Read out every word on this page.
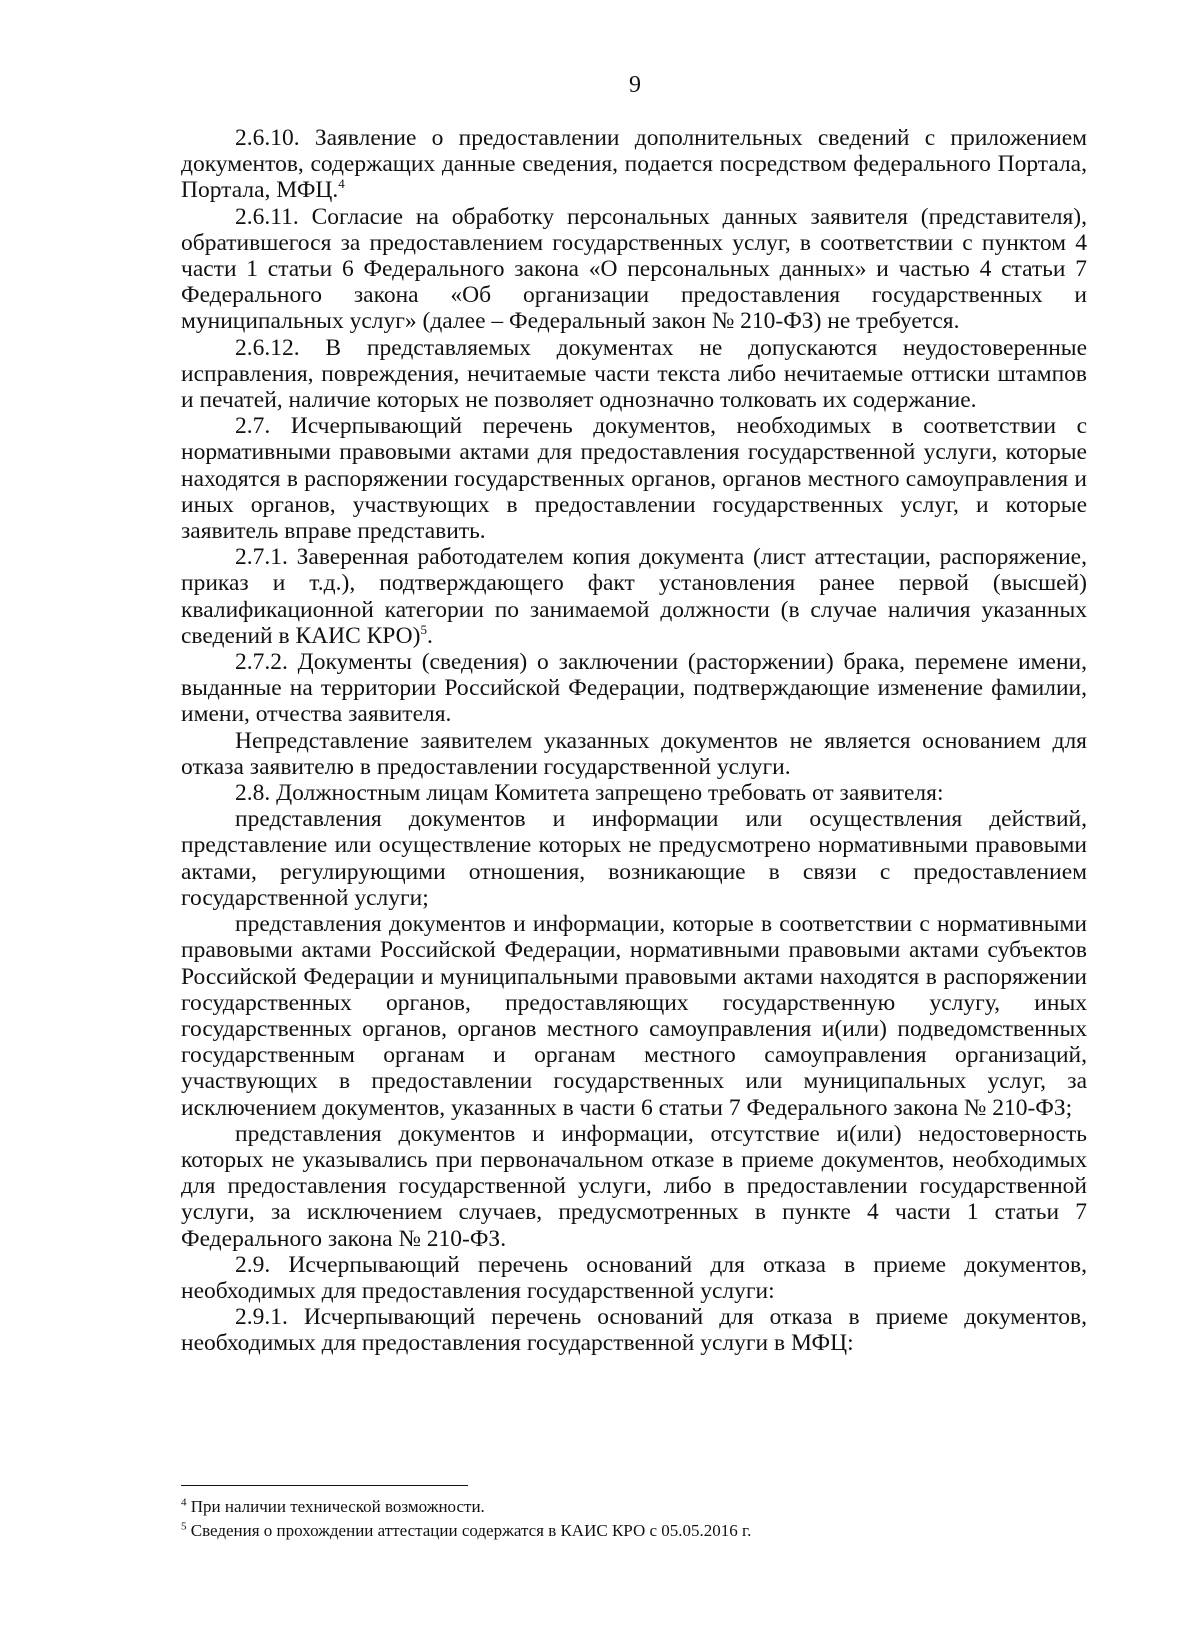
9

2.6.10. Заявление о предоставлении дополнительных сведений с приложением документов, содержащих данные сведения, подается посредством федерального Портала, Портала, МФЦ.$^4$

2.6.11. Согласие на обработку персональных данных заявителя (представителя), обратившегося за предоставлением государственных услуг, в соответствии с пунктом 4 части 1 статьи 6 Федерального закона «О персональных данных» и частью 4 статьи 7 Федерального закона «Об организации предоставления государственных и муниципальных услуг» (далее – Федеральный закон № 210-ФЗ) не требуется.

2.6.12. В представляемых документах не допускаются неудостоверенные исправления, повреждения, нечитаемые части текста либо нечитаемые оттиски штампов и печатей, наличие которых не позволяет однозначно толковать их содержание.

2.7. Исчерпывающий перечень документов, необходимых в соответствии с нормативными правовыми актами для предоставления государственной услуги, которые находятся в распоряжении государственных органов, органов местного самоуправления и иных органов, участвующих в предоставлении государственных услуг, и которые заявитель вправе представить.

2.7.1. Заверенная работодателем копия документа (лист аттестации, распоряжение, приказ и т.д.), подтверждающего факт установления ранее первой (высшей) квалификационной категории по занимаемой должности (в случае наличия указанных сведений в КАИС КРО)$^5$.

2.7.2. Документы (сведения) о заключении (расторжении) брака, перемене имени, выданные на территории Российской Федерации, подтверждающие изменение фамилии, имени, отчества заявителя.

Непредставление заявителем указанных документов не является основанием для отказа заявителю в предоставлении государственной услуги.

2.8. Должностным лицам Комитета запрещено требовать от заявителя:

представления документов и информации или осуществления действий, представление или осуществление которых не предусмотрено нормативными правовыми актами, регулирующими отношения, возникающие в связи с предоставлением государственной услуги;

представления документов и информации, которые в соответствии с нормативными правовыми актами Российской Федерации, нормативными правовыми актами субъектов Российской Федерации и муниципальными правовыми актами находятся в распоряжении государственных органов, предоставляющих государственную услугу, иных государственных органов, органов местного самоуправления и(или) подведомственных государственным органам и органам местного самоуправления организаций, участвующих в предоставлении государственных или муниципальных услуг, за исключением документов, указанных в части 6 статьи 7 Федерального закона № 210-ФЗ;

представления документов и информации, отсутствие и(или) недостоверность которых не указывались при первоначальном отказе в приеме документов, необходимых для предоставления государственной услуги, либо в предоставлении государственной услуги, за исключением случаев, предусмотренных в пункте 4 части 1 статьи 7 Федерального закона № 210-ФЗ.

2.9. Исчерпывающий перечень оснований для отказа в приеме документов, необходимых для предоставления государственной услуги:

2.9.1. Исчерпывающий перечень оснований для отказа в приеме документов, необходимых для предоставления государственной услуги в МФЦ:

$^4$ При наличии технической возможности.

$^5$ Сведения о прохождении аттестации содержатся в КАИС КРО с 05.05.2016 г.
